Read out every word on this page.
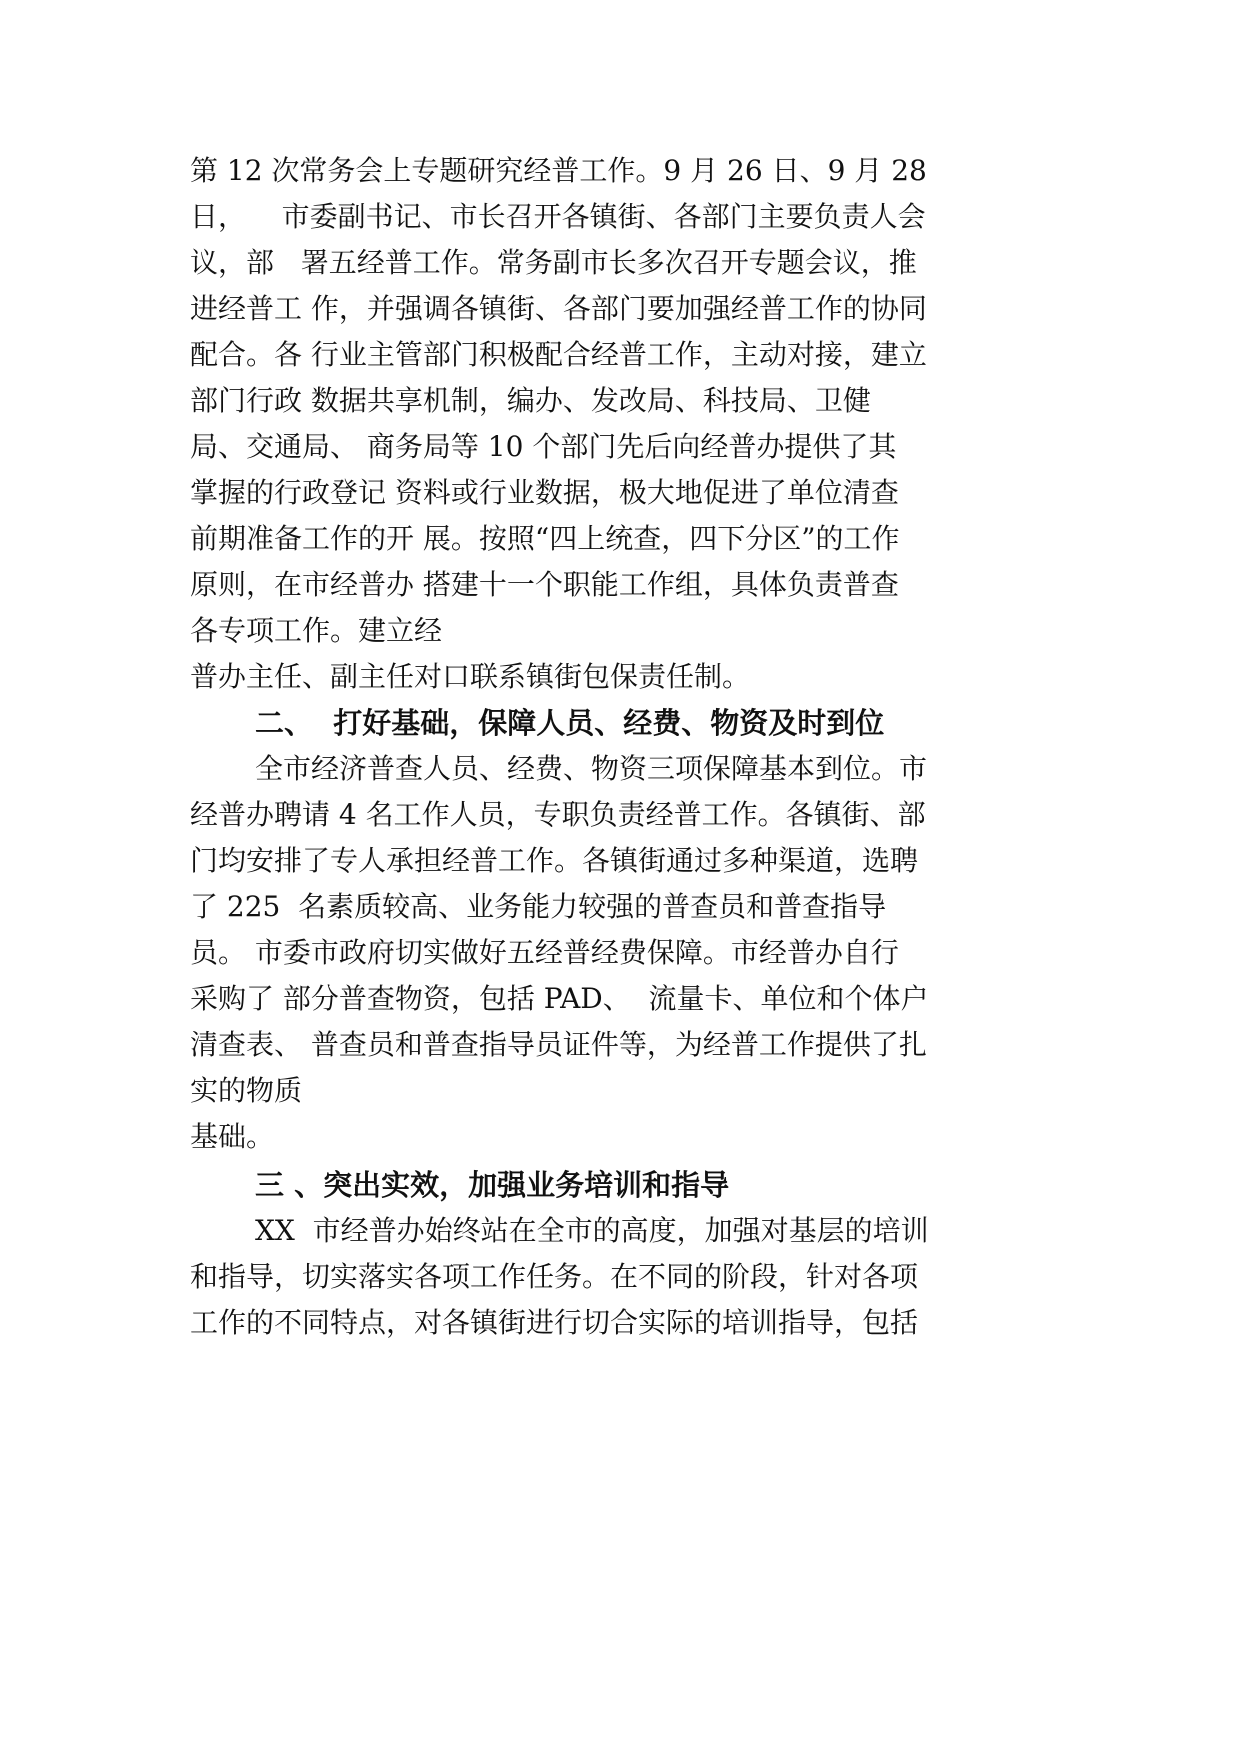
第 12 次常务会上专题研究经普工作。9 月 26 日、9 月 28
日，    市委副书记、市长召开各镇街、各部门主要负责人会
议，部   署五经普工作。常务副市长多次召开专题会议，推
进经普工 作，并强调各镇街、各部门要加强经普工作的协同
配合。各 行业主管部门积极配合经普工作，主动对接，建立
部门行政 数据共享机制，编办、发改局、科技局、卫健
局、交通局、 商务局等 10 个部门先后向经普办提供了其
掌握的行政登记 资料或行业数据，极大地促进了单位清查
前期准备工作的开 展。按照“四上统查，四下分区”的工作
原则，在市经普办 搭建十一个职能工作组，具体负责普查
各专项工作。建立经
普办主任、副主任对口联系镇街包保责任制。
二、  打好基础，保障人员、经费、物资及时到位
全市经济普查人员、经费、物资三项保障基本到位。市
经普办聘请 4 名工作人员，专职负责经普工作。各镇街、部
门均安排了专人承担经普工作。各镇街通过多种渠道，选聘
了 225  名素质较高、业务能力较强的普查员和普查指导
员。 市委市政府切实做好五经普经费保障。市经普办自行
采购了 部分普查物资，包括 PAD、  流量卡、单位和个体户
清查表、 普查员和普查指导员证件等，为经普工作提供了扎
实的物质
基础。
三 、突出实效，加强业务培训和指导
XX  市经普办始终站在全市的高度，加强对基层的培训
和指导，切实落实各项工作任务。在不同的阶段，针对各项
工作的不同特点，对各镇街进行切合实际的培训指导，包括
